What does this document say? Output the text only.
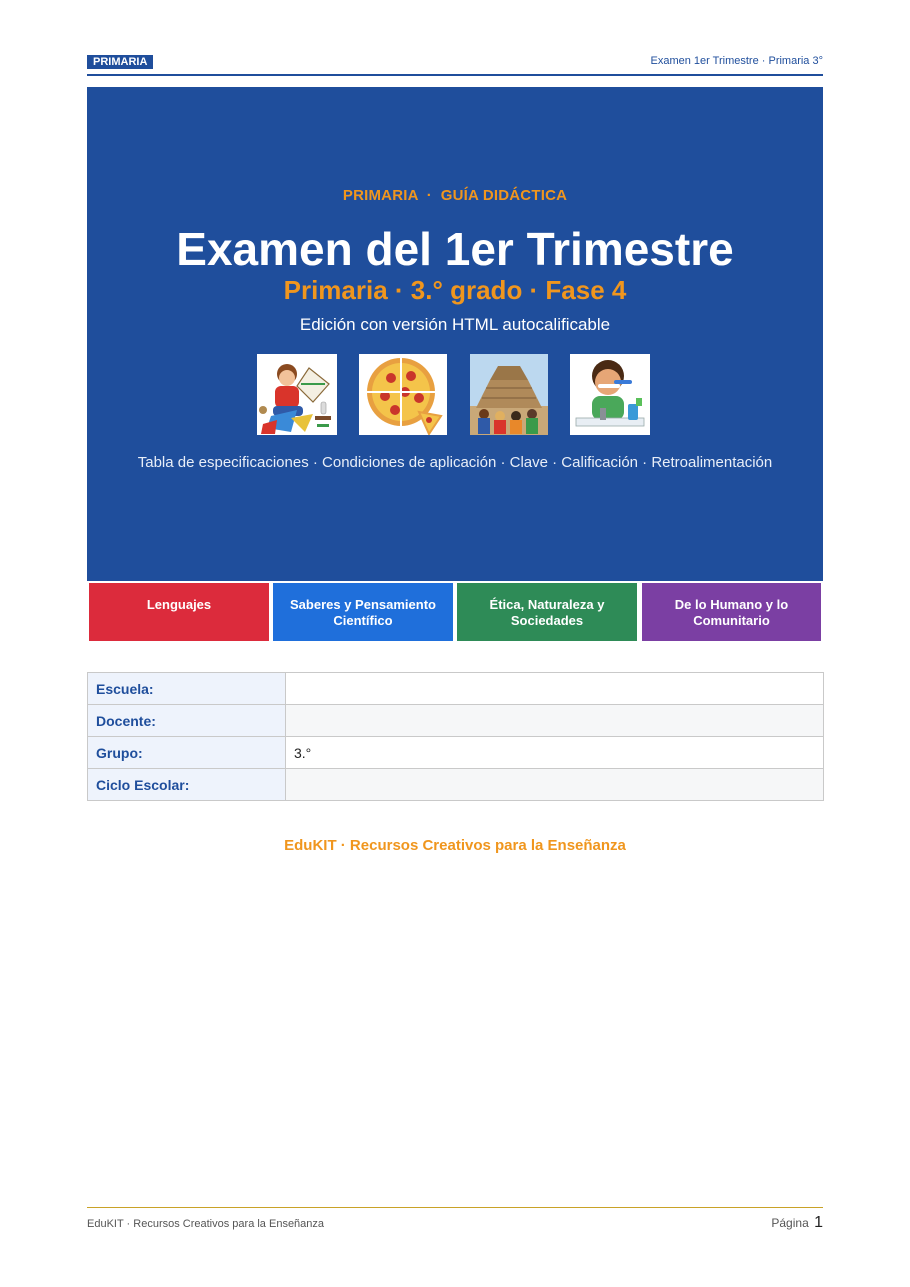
PRIMARIA	Examen 1er Trimestre · Primaria 3°
PRIMARIA  ·  GUÍA DIDÁCTICA
Examen del 1er Trimestre
Primaria · 3.° grado · Fase 4
Edición con versión HTML autocalificable
Tabla de especificaciones · Condiciones de aplicación · Clave · Calificación · Retroalimentación
Lenguajes	Saberes y Pensamiento Científico
Ética, Naturaleza y Sociedades
De lo Humano y lo Comunitario
Escuela:	
Docente:	
Grupo:	3.°
Ciclo Escolar:	
EduKIT · Recursos Creativos para la Enseñanza
EduKIT · Recursos Creativos para la Enseñanza	Página 1
